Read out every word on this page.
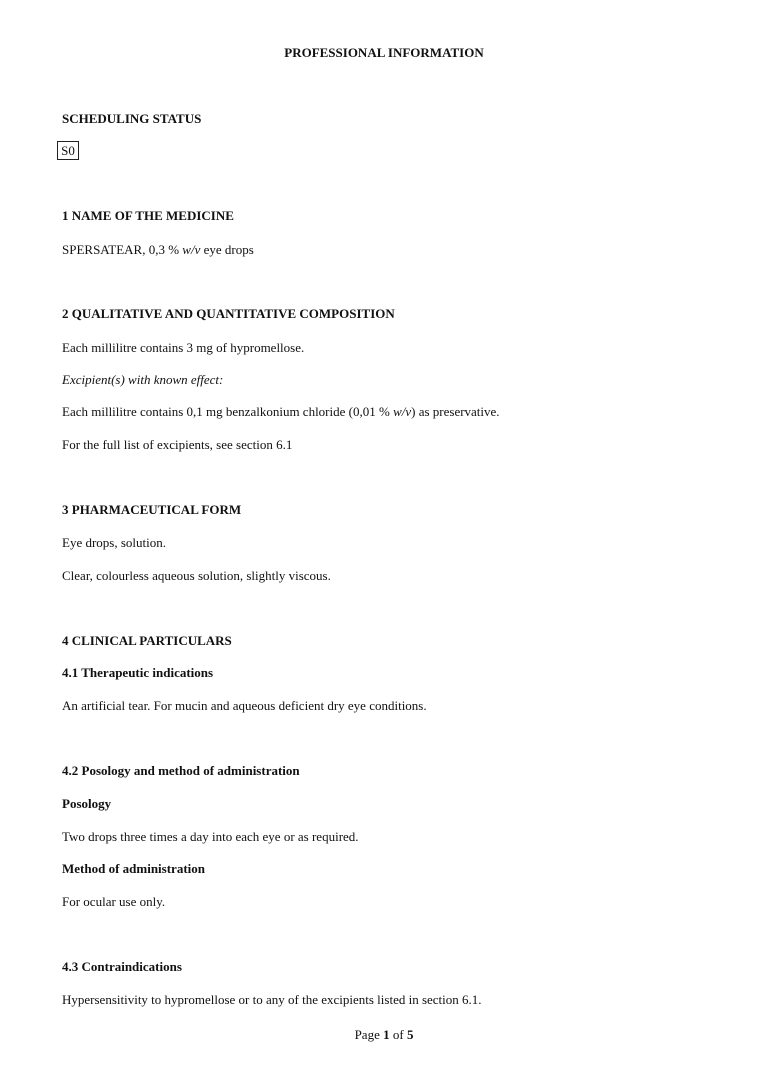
PROFESSIONAL INFORMATION
SCHEDULING STATUS
S0
1 NAME OF THE MEDICINE
SPERSATEAR, 0,3 % w/v eye drops
2 QUALITATIVE AND QUANTITATIVE COMPOSITION
Each millilitre contains 3 mg of hypromellose.
Excipient(s) with known effect:
Each millilitre contains 0,1 mg benzalkonium chloride (0,01 % w/v) as preservative.
For the full list of excipients, see section 6.1
3 PHARMACEUTICAL FORM
Eye drops, solution.
Clear, colourless aqueous solution, slightly viscous.
4 CLINICAL PARTICULARS
4.1 Therapeutic indications
An artificial tear. For mucin and aqueous deficient dry eye conditions.
4.2 Posology and method of administration
Posology
Two drops three times a day into each eye or as required.
Method of administration
For ocular use only.
4.3 Contraindications
Hypersensitivity to hypromellose or to any of the excipients listed in section 6.1.
Page 1 of 5
